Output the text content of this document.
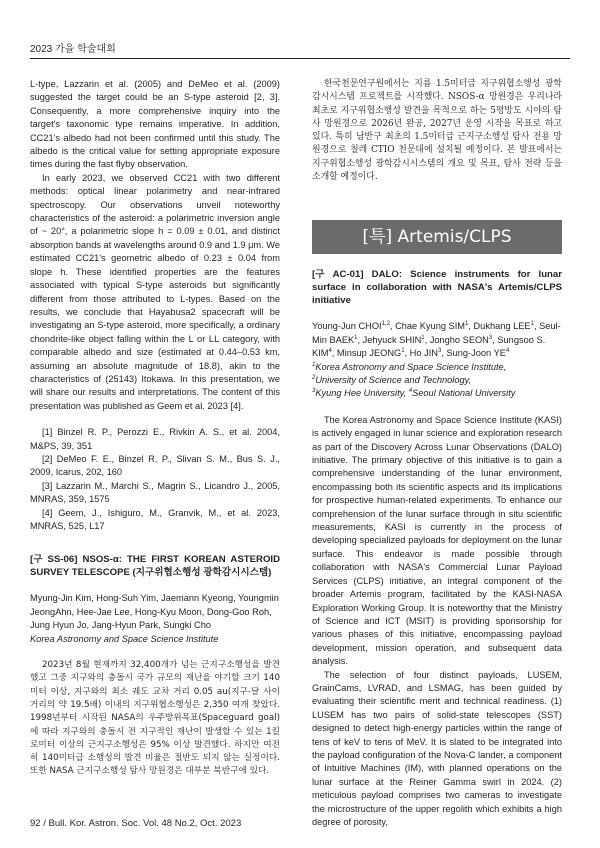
2023 가을 학술대회

L-type, Lazzarin et al. (2005) and DeMeo et al. (2009) suggested the target could be an S-type asteroid [2, 3]. Consequently, a more comprehensive inquiry into the target's taxonomic type remains imperative. In addition, CC21's albedo had not been confirmed until this study. The albedo is the critical value for setting appropriate exposure times during the fast flyby observation.

In early 2023, we observed CC21 with two different methods: optical linear polarimetry and near-infrared spectroscopy. Our observations unveil noteworthy characteristics of the asteroid: a polarimetric inversion angle of ~ 20°, a polarimetric slope h = 0.09 ± 0.01, and distinct absorption bands at wavelengths around 0.9 and 1.9 μm. We estimated CC21's geometric albedo of 0.23 ± 0.04 from slope h. These identified properties are the features associated with typical S-type asteroids but significantly different from those attributed to L-types. Based on the results, we conclude that Hayabusa2 spacecraft will be investigating an S-type asteroid, more specifically, a ordinary chondrite-like object falling within the L or LL category, with comparable albedo and size (estimated at 0.44–0.53 km, assuming an absolute magnitude of 18.8), akin to the characteristics of (25143) Itokawa. In this presentation, we will share our results and interpretations. The content of this presentation was published as Geem et al. 2023 [4].

[1] Binzel R. P., Perozzi E., Rivkin A. S., et al. 2004, M&PS, 39, 351

[2] DeMeo F. E., Binzel R. P., Slivan S. M., Bus S. J., 2009, Icarus, 202, 160

[3] Lazzarin M., Marchi S., Magrin S., Licandro J., 2005, MNRAS, 359, 1575

[4] Geem, J., Ishiguro, M., Granvik, M., et al. 2023, MNRAS, 525, L17

[구 SS-06] NSOS-α: THE FIRST KOREAN ASTEROID SURVEY TELESCOPE (지구위협소행성 광학감시시스템)

Myung-Jin Kim, Hong-Suh Yim, Jaemann Kyeong, Youngmin JeongAhn, Hee-Jae Lee, Hong-Kyu Moon, Dong-Goo Roh, Jung Hyun Jo, Jang-Hyun Park, Sungki Cho

Korea Astronomy and Space Science Institute

2023년 8월 현재까지 32,400개가 넘는 근지구소행성을 발견했고 그중 지구와의 충돌시 국가 규모의 재난을 야기할 크기 140미터 이상, 지구와의 최소 궤도 교차 거리 0.05 au(지구-달 사이 거리의 약 19.5배) 이내의 지구위협소행성은 2,350 여개 찾았다. 1998년부터 시작된 NASA의 우주방위목표(Spaceguard goal)에 따라 지구와의 충돌시 전 지구적인 재난이 발생할 수 있는 1킬로미터 이상의 근지구소행성은 95% 이상 발견했다. 하지만 여전히 140미터급 소행성의 발견 비율은 절반도 되지 않는 실정이다. 또한 NASA 근지구소행성 탐사 망원경은 대부분 북반구에 있다.

한국천문연구원에서는 지름 1.5미터급 지구위협소행성 광학감시시스템 프로젝트를 시작했다. NSOS-α 망원경은 우리나라 최초로 지구위협소행성 발견을 목적으로 하는 5평방도 시야의 탐사 망원경으로 2026년 완공, 2027년 운영 시작을 목표로 하고 있다. 특히 남반구 최초의 1.5미터급 근지구소행성 탐사 전용 망원경으로 칠레 CTIO 천문대에 설치될 예정이다. 본 발표에서는 지구위협소행성 광학감시시스템의 개요 및 목표, 탐사 전략 등을 소개할 예정이다.

[특] Artemis/CLPS

[구 AC-01] DALO: Science instruments for lunar surface in collaboration with NASA's Artemis/CLPS initiative

Young-Jun CHOI$^{1,2}$, Chae Kyung SIM$^1$, Dukhang LEE$^1$, Seul-Min BAEK$^1$, Jehyuck SHIN$^1$, Jongho SEON$^3$, Sungsoo S. KIM$^4$, Minsup JEONG$^1$, Ho JIN$^3$, Sung-Joon $YE^4$

$^1$Korea Astronomy and Space Science Institute,

$^2$University of Science and Technology,

$^3$Kyung Hee University, $^4$Seoul National University

The Korea Astronomy and Space Science Institute (KASI) is actively engaged in lunar science and exploration research as part of the Discovery Across Lunar Observations (DALO) initiative. The primary objective of this initiative is to gain a comprehensive understanding of the lunar environment, encompassing both its scientific aspects and its implications for prospective human-related experiments. To enhance our comprehension of the lunar surface through in situ scientific measurements, KASI is currently in the process of developing specialized payloads for deployment on the lunar surface. This endeavor is made possible through collaboration with NASA's Commercial Lunar Payload Services (CLPS) initiative, an integral component of the broader Artemis program, facilitated by the KASI-NASA Exploration Working Group. It is noteworthy that the Ministry of Science and ICT (MSIT) is providing sponsorship for various phases of this initiative, encompassing payload development, mission operation, and subsequent data analysis.

The selection of four distinct payloads, LUSEM, GrainCams, LVRAD, and LSMAG, has been guided by evaluating their scientific merit and technical readiness. (1) LUSEM has two pairs of solid-state telescopes (SST) designed to detect high-energy particles within the range of tens of keV to tens of MeV. It is slated to be integrated into the payload configuration of the Nova-C lander, a component of Intuitive Machines (IM), with planned operations on the lunar surface at the Reiner Gamma swirl in 2024. (2) meticulous payload comprises two cameras to investigate the microstructure of the upper regolith which exhibits a high degree of porosity,

92 / Bull. Kor. Astron. Soc. Vol. 48 No.2, Oct. 2023
